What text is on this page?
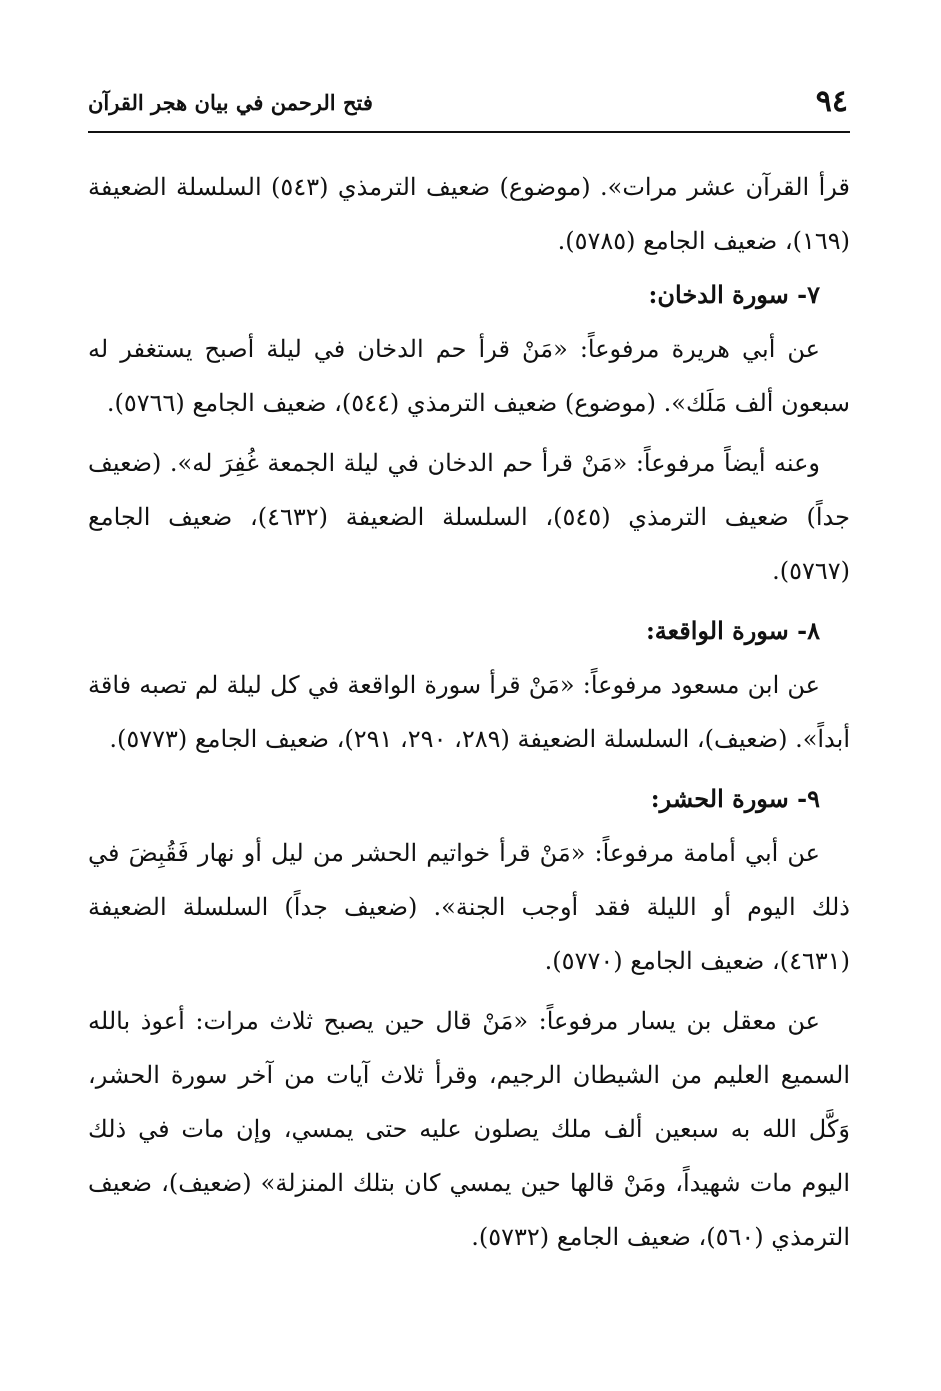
٩٤
فتح الرحمن في بيان هجر القرآن

قرأ القرآن عشر مرات». (موضوع) ضعيف الترمذي (٥٤٣) السلسلة الضعيفة (١٦٩)، ضعيف الجامع (٥٧٨٥).

٧- سورة الدخان:

عن أبي هريرة مرفوعاً: «مَنْ قرأ حم الدخان في ليلة أصبح يستغفر له سبعون ألف مَلَك». (موضوع) ضعيف الترمذي (٥٤٤)، ضعيف الجامع (٥٧٦٦).

وعنه أيضاً مرفوعاً: «مَنْ قرأ حم الدخان في ليلة الجمعة غُفِرَ له». (ضعيف جداً) ضعيف الترمذي (٥٤٥)، السلسلة الضعيفة (٤٦٣٢)، ضعيف الجامع (٥٧٦٧).

٨- سورة الواقعة:

عن ابن مسعود مرفوعاً: «مَنْ قرأ سورة الواقعة في كل ليلة لم تصبه فاقة أبداً». (ضعيف)، السلسلة الضعيفة (٢٨٩، ٢٩٠، ٢٩١)، ضعيف الجامع (٥٧٧٣).

٩- سورة الحشر:

عن أبي أمامة مرفوعاً: «مَنْ قرأ خواتيم الحشر من ليل أو نهار فَقُبِضَ في ذلك اليوم أو الليلة فقد أوجب الجنة». (ضعيف جداً) السلسلة الضعيفة (٤٦٣١)، ضعيف الجامع (٥٧٧٠).

عن معقل بن يسار مرفوعاً: «مَنْ قال حين يصبح ثلاث مرات: أعوذ بالله السميع العليم من الشيطان الرجيم، وقرأ ثلاث آيات من آخر سورة الحشر، وَكَّل الله به سبعين ألف ملك يصلون عليه حتى يمسي، وإن مات في ذلك اليوم مات شهيداً، ومَنْ قالها حين يمسي كان بتلك المنزلة» (ضعيف)، ضعيف الترمذي (٥٦٠)، ضعيف الجامع (٥٧٣٢).
